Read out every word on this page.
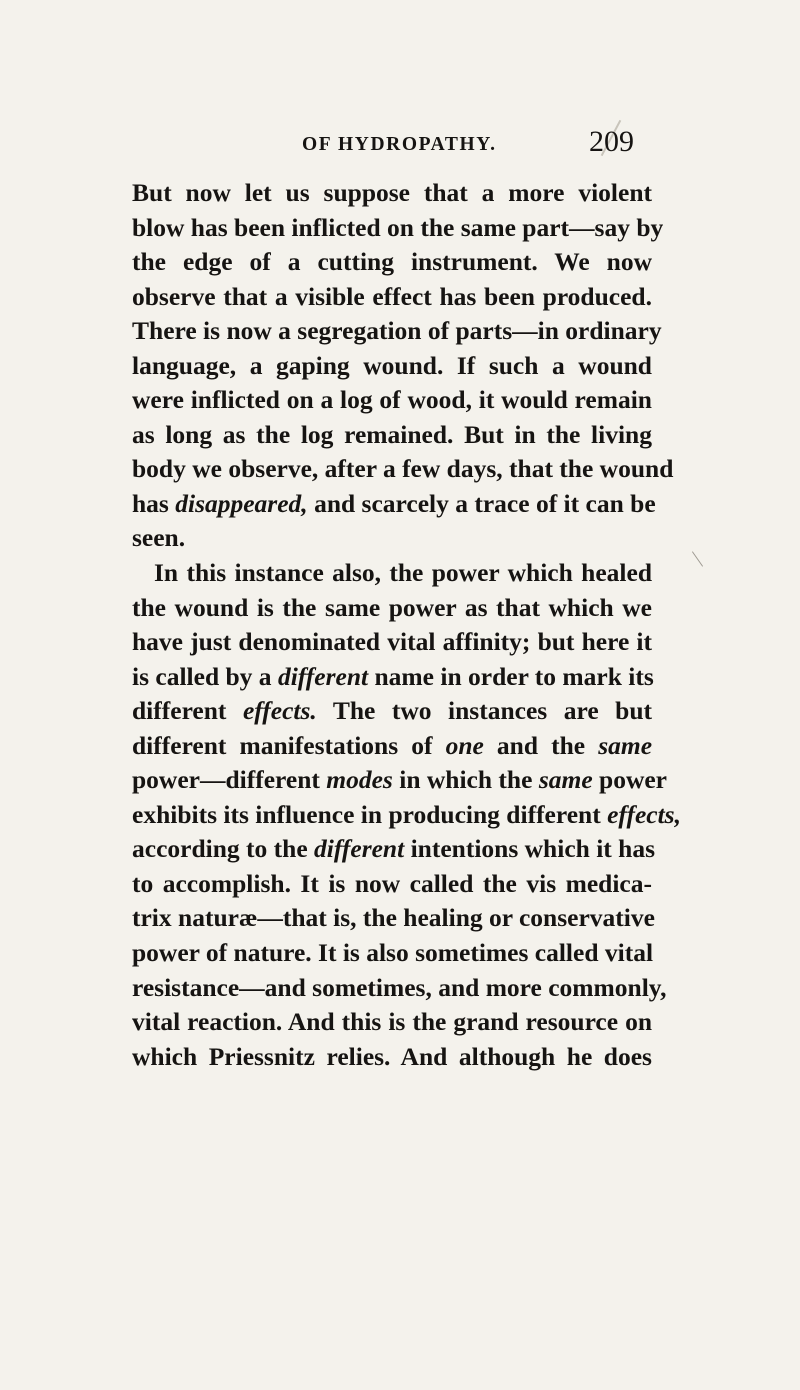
OF HYDROPATHY.	209
But now let us suppose that a more violent
blow has been inflicted on the same part—say by
the edge of a cutting instrument. We now
observe that a visible effect has been produced.
There is now a segregation of parts—in ordinary
language, a gaping wound. If such a wound
were inflicted on a log of wood, it would remain
as long as the log remained. But in the living
body we observe, after a few days, that the wound
has disappeared, and scarcely a trace of it can be
seen.
In this instance also, the power which healed
the wound is the same power as that which we
have just denominated vital affinity; but here it
is called by a different name in order to mark its
different effects. The two instances are but
different manifestations of one and the same
power—different modes in which the same power
exhibits its influence in producing different effects,
according to the different intentions which it has
to accomplish. It is now called the vis medica-
trix naturæ—that is, the healing or conservative
power of nature. It is also sometimes called vital
resistance—and sometimes, and more commonly,
vital reaction. And this is the grand resource on
which Priessnitz relies. And although he does
